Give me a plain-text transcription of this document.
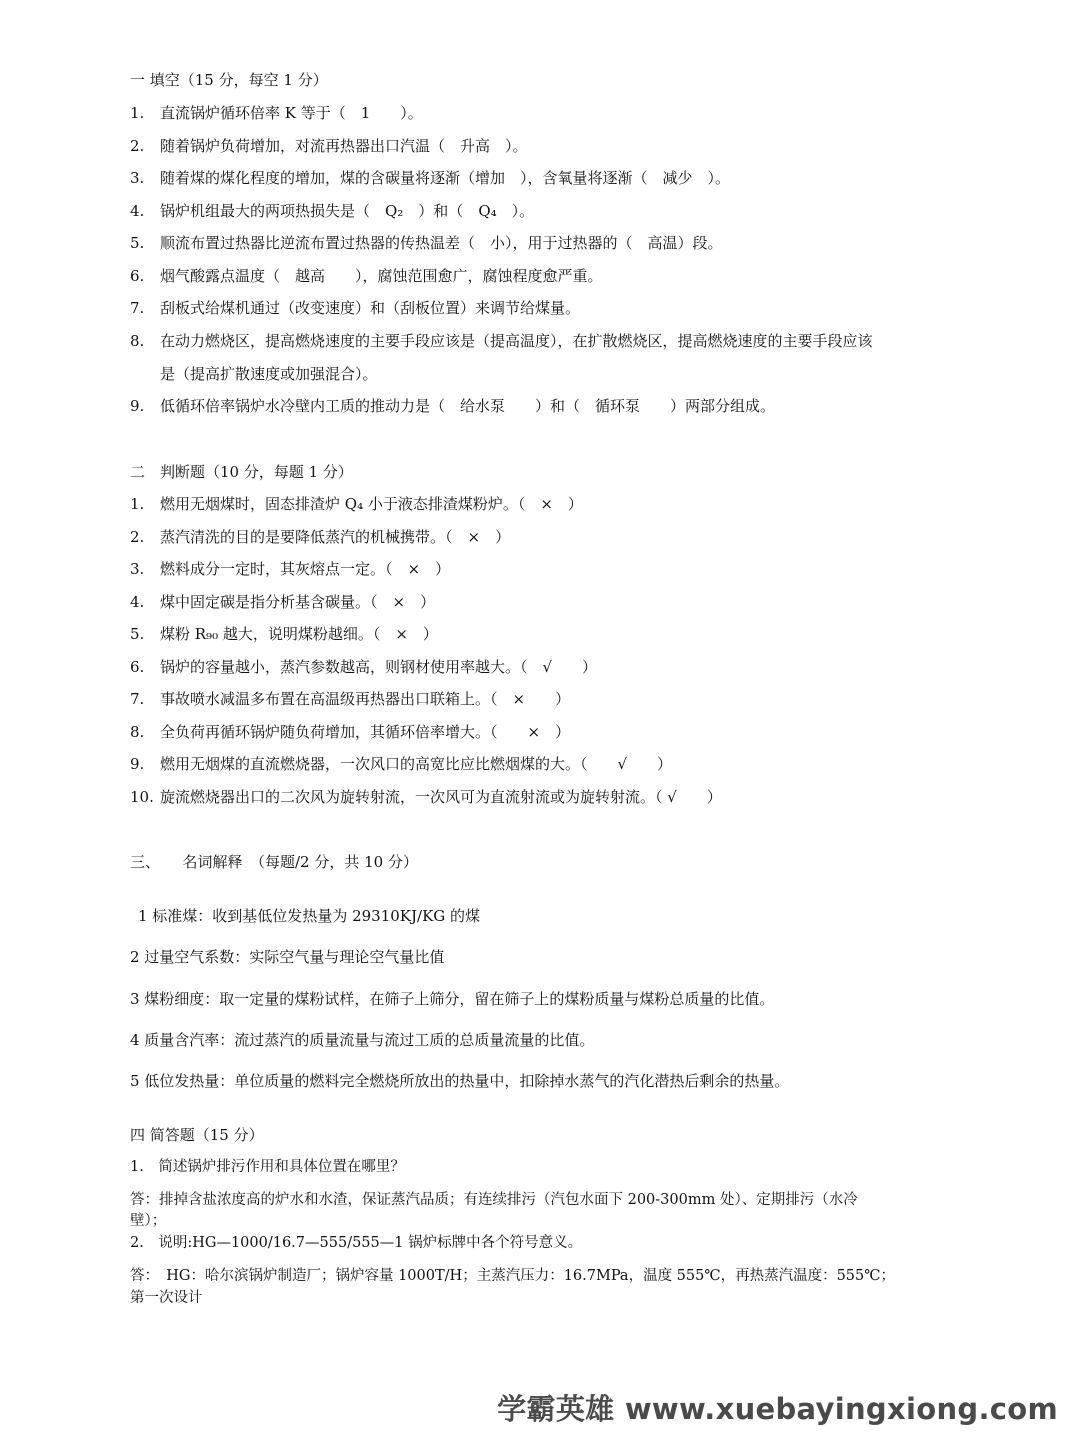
一 填空（15 分，每空 1 分）
1. 直流锅炉循环倍率 K 等于（　1　　）。
2. 随着锅炉负荷增加，对流再热器出口汽温（　升高　）。
3. 随着煤的煤化程度的增加，煤的含碳量将逐渐（增加　），含氧量将逐渐（　减少　）。
4. 锅炉机组最大的两项热损失是（　Q₂　）和（　Q₄　）。
5. 顺流布置过热器比逆流布置过热器的传热温差（　小），用于过热器的（　高温）段。
6. 烟气酸露点温度（　越高　　），腐蚀范围愈广，腐蚀程度愈严重。
7. 刮板式给煤机通过（改变速度）和（刮板位置）来调节给煤量。
8. 在动力燃烧区，提高燃烧速度的主要手段应该是（提高温度），在扩散燃烧区，提高燃烧速度的主要手段应该
是（提高扩散速度或加强混合）。
9. 低循环倍率锅炉水冷壁内工质的推动力是（　给水泵　　）和（　循环泵　　）两部分组成。
二　判断题（10 分，每题 1 分）
1. 燃用无烟煤时，固态排渣炉 Q₄ 小于液态排渣煤粉炉。（　×　）
2. 蒸汽清洗的目的是要降低蒸汽的机械携带。（　×　）
3. 燃料成分一定时，其灰熔点一定。（　×　）
4. 煤中固定碳是指分析基含碳量。（　×　）
5. 煤粉 R₉₀ 越大，说明煤粉越细。（　×　）
6. 锅炉的容量越小，蒸汽参数越高，则钢材使用率越大。（　√　　）
7. 事故喷水减温多布置在高温级再热器出口联箱上。（　×　　）
8. 全负荷再循环锅炉随负荷增加，其循环倍率增大。（　　×　）
9. 燃用无烟煤的直流燃烧器，一次风口的高宽比应比燃烟煤的大。（　　√　　）
10. 旋流燃烧器出口的二次风为旋转射流，一次风可为直流射流或为旋转射流。（ √　　）
三、　　名词解释　（每题/2 分，共 10 分）
1 标准煤：收到基低位发热量为 29310KJ/KG 的煤
2 过量空气系数：实际空气量与理论空气量比值
3 煤粉细度：取一定量的煤粉试样，在筛子上筛分，留在筛子上的煤粉质量与煤粉总质量的比值。
4 质量含汽率：流过蒸汽的质量流量与流过工质的总质量流量的比值。
5 低位发热量：单位质量的燃料完全燃烧所放出的热量中，扣除掉水蒸气的汽化潜热后剩余的热量。
四 简答题（15 分）
1.　简述锅炉排污作用和具体位置在哪里？
答：排掉含盐浓度高的炉水和水渣，保证蒸汽品质；有连续排污（汽包水面下 200-300mm 处）、定期排污（水冷
壁）；
2.　说明:HG—1000/16.7—555/555—1 锅炉标牌中各个符号意义。
答：　HG：哈尔滨锅炉制造厂；锅炉容量 1000T/H；主蒸汽压力：16.7MPa，温度 555℃，再热蒸汽温度：555℃；
第一次设计
学霸英雄 www.xuebayingxiong.com
